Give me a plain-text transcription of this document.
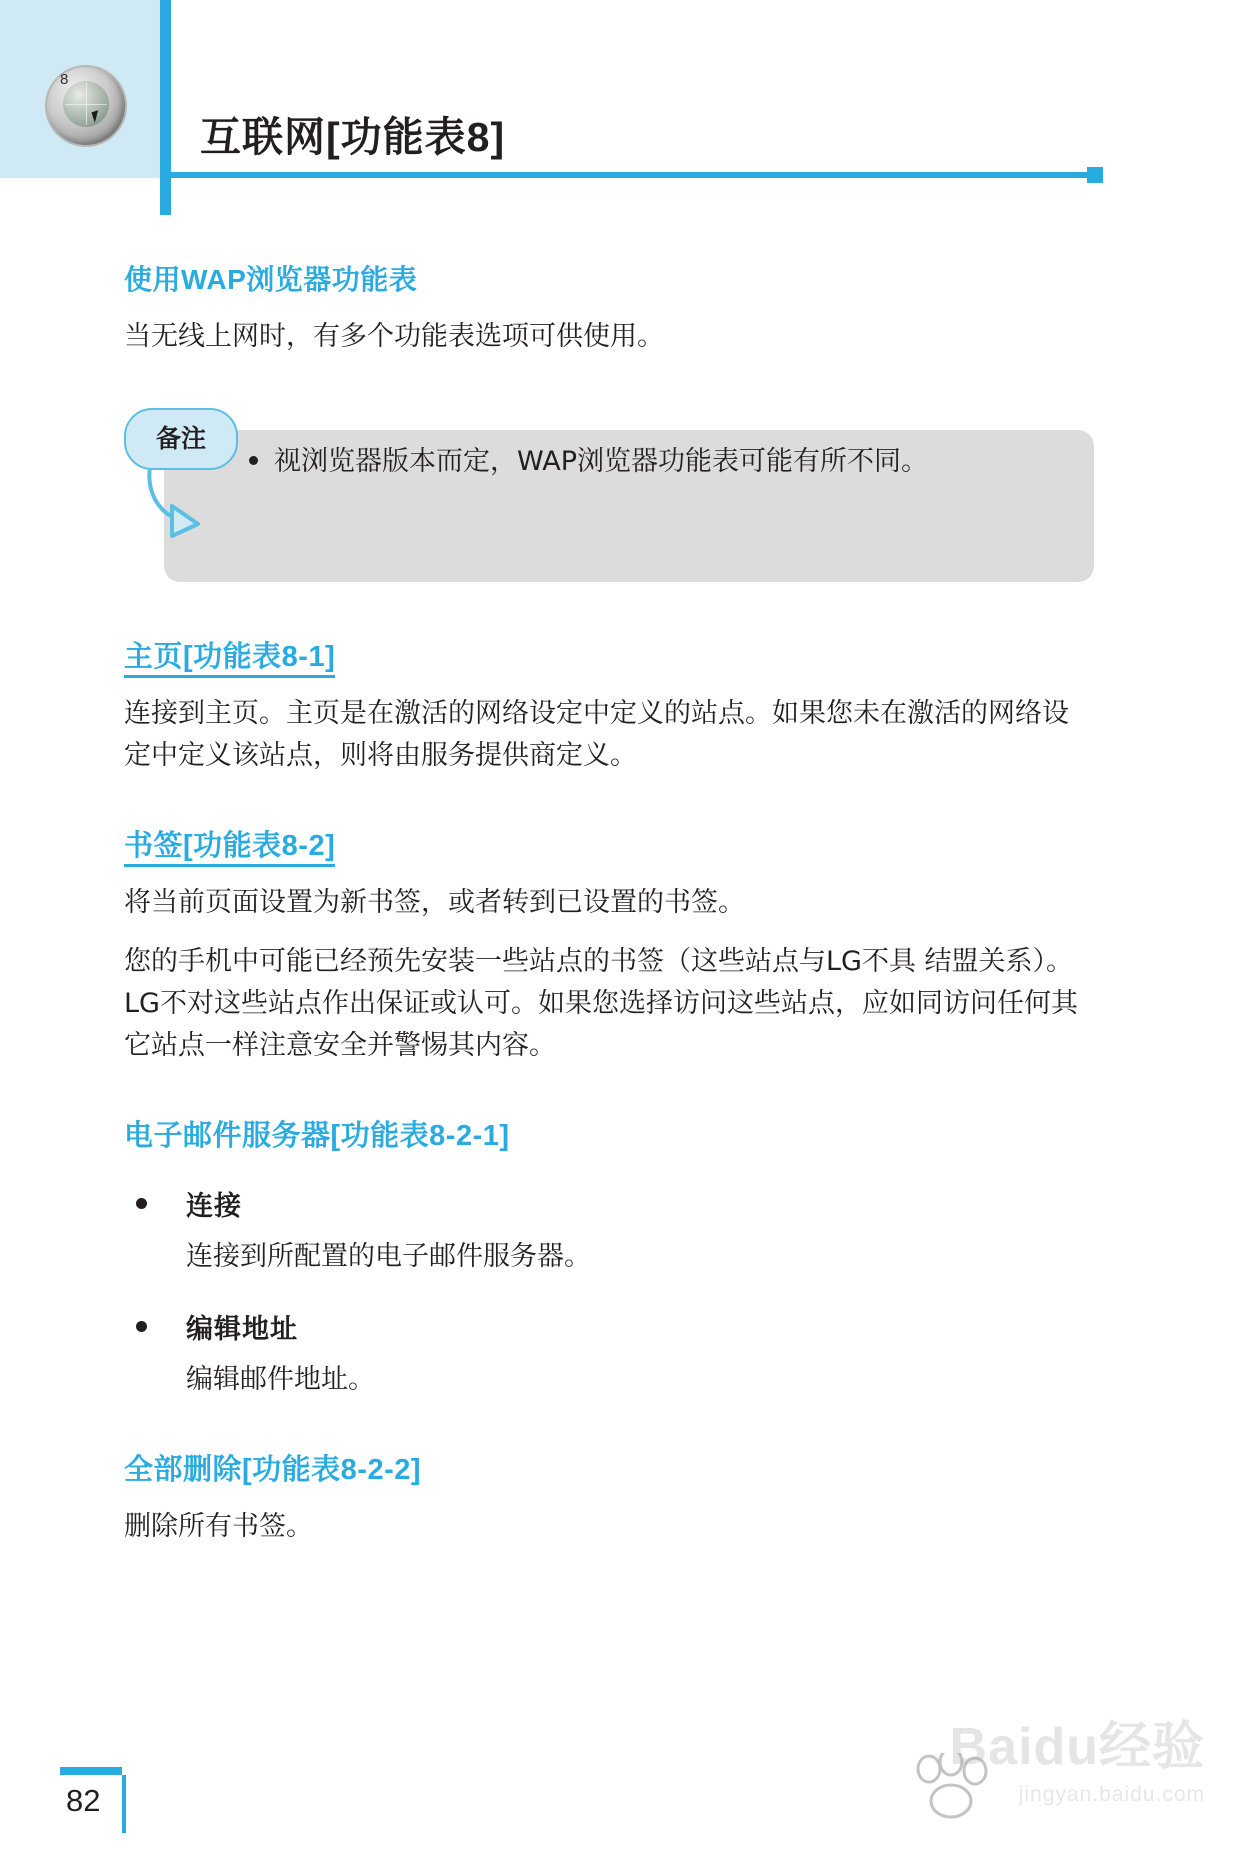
8
互联网[功能表8]
使用WAP浏览器功能表

当无线上网时，有多个功能表选项可供使用。

视浏览器版本而定，WAP浏览器功能表可能有所不同。
备注
主页[功能表8-1]

连接到主页。主页是在激活的网络设定中定义的站点。如果您未在激活的网络设定中定义该站点，则将由服务提供商定义。

书签[功能表8-2]

将当前页面设置为新书签，或者转到已设置的书签。

您的手机中可能已经预先安装一些站点的书签（这些站点与LG不具 结盟关系）。LG不对这些站点作出保证或认可。如果您选择访问这些站点，应如同访问任何其它站点一样注意安全并警惕其内容。

电子邮件服务器[功能表8-2-1]
连接
连接到所配置的电子邮件服务器。
编辑地址
编辑邮件地址。
全部删除[功能表8-2-2]

删除所有书签。

82
Baidu经验
jingyan.baidu.com
